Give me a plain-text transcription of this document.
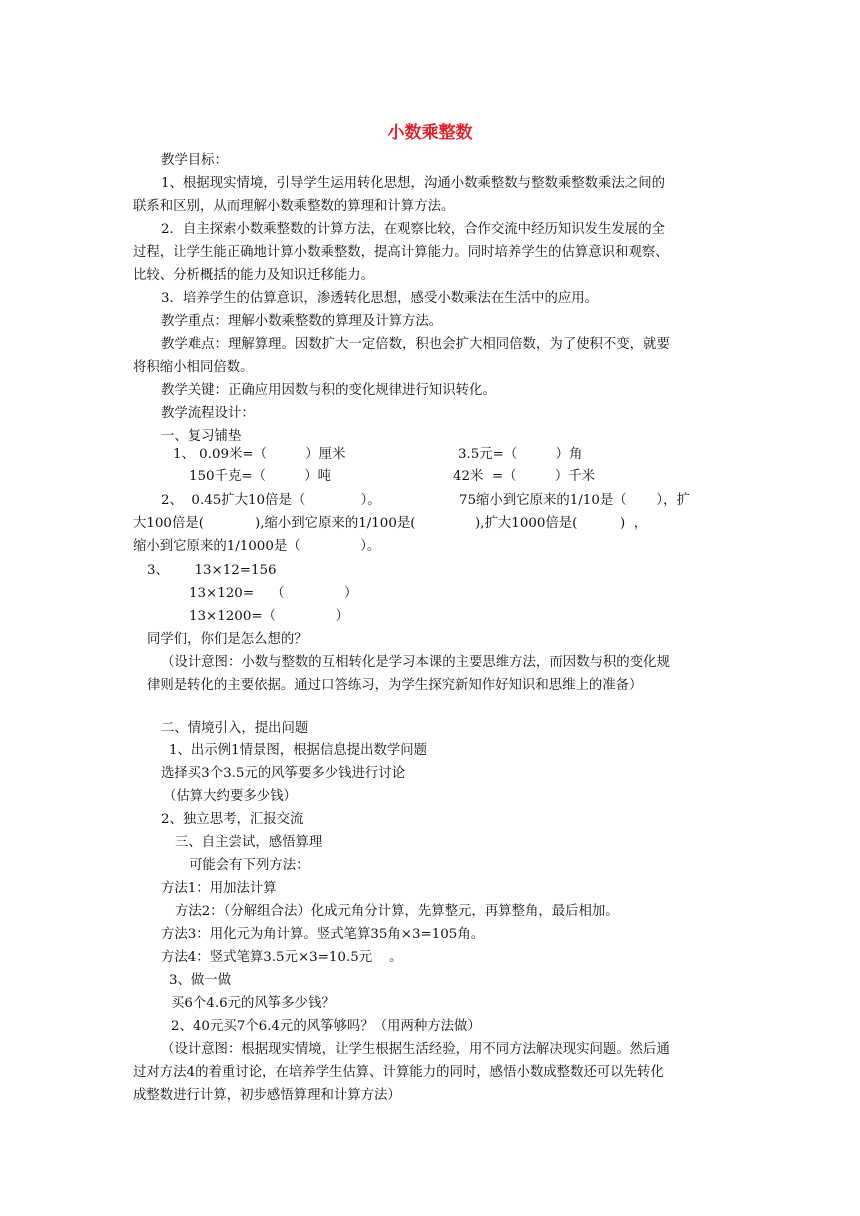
小数乘整数
教学目标：
1、根据现实情境，引导学生运用转化思想，沟通小数乘整数与整数乘整数乘法之间的
联系和区别，从而理解小数乘整数的算理和计算方法。
2．自主探索小数乘整数的计算方法，在观察比较，合作交流中经历知识发生发展的全
过程，让学生能正确地计算小数乘整数，提高计算能力。同时培养学生的估算意识和观察、
比较、分析概括的能力及知识迁移能力。
3．培养学生的估算意识，渗透转化思想，感受小数乘法在生活中的应用。
教学重点：理解小数乘整数的算理及计算方法。
教学难点：理解算理。因数扩大一定倍数，积也会扩大相同倍数，为了使积不变，就要
将积缩小相同倍数。
教学关键：正确应用因数与积的变化规律进行知识转化。
教学流程设计：
一、复习铺垫
1、 0.09米=（         ）厘米	3.5元=（         ）角
150千克=（         ）吨	42米  =（         ）千米
2、  0.45扩大10倍是（             ）。	75缩小到它原来的1/10是（       ），扩
大100倍是(            ),缩小到它原来的1/100是(              ),扩大1000倍是(          )  ，
缩小到它原来的1/1000是（              ）。
3、      13×12=156
13×120=    （              ）
13×1200=（              ）
同学们，你们是怎么想的？
（设计意图：小数与整数的互相转化是学习本课的主要思维方法，而因数与积的变化规
律则是转化的主要依据。通过口答练习，为学生探究新知作好知识和思维上的准备）
二、情境引入，提出问题
1、出示例1情景图，根据信息提出数学问题
选择买3个3.5元的风筝要多少钱进行讨论
（估算大约要多少钱）
2、独立思考，汇报交流
三、自主尝试，感悟算理
可能会有下列方法：
方法1：用加法计算
方法2：（分解组合法）化成元角分计算，先算整元，再算整角，最后相加。
方法3：用化元为角计算。竖式笔算35角×3=105角。
方法4：竖式笔算3.5元×3=10.5元    。
3、做一做
买6个4.6元的风筝多少钱？
2、40元买7个6.4元的风筝够吗？（用两种方法做）
（设计意图：根据现实情境，让学生根据生活经验，用不同方法解决现实问题。然后通
过对方法4的着重讨论，在培养学生估算、计算能力的同时，感悟小数成整数还可以先转化
成整数进行计算，初步感悟算理和计算方法）
